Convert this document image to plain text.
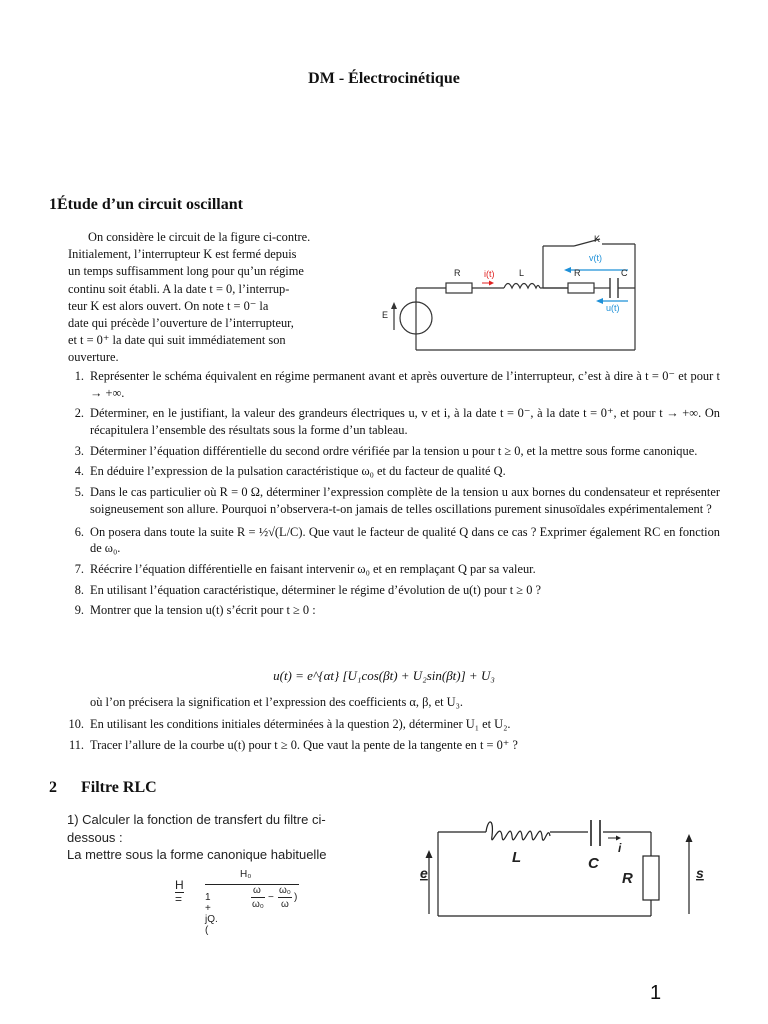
DM - Électrocinétique
1Étude d’un circuit oscillant
On considère le circuit de la figure ci-contre.
Initialement, l’interrupteur K est fermé depuis
un temps suffisamment long pour qu’un régime
continu soit établi. A la date t = 0, l’interrup-
teur K est alors ouvert. On note t = 0⁻ la
date qui précède l’ouverture de l’interrupteur,
et t = 0⁺ la date qui suit immédiatement son
ouverture.
K
v(t)
i(t)
R	L	R	C
u(t)
E
1. Représenter le schéma équivalent en régime permanent avant et après ouverture de l’interrupteur, c’est à dire à t = 0⁻ et pour t → +∞.
2. Déterminer, en le justifiant, la valeur des grandeurs électriques u, v et i, à la date t = 0⁻, à la date t = 0⁺, et pour t → +∞. On récapitulera l’ensemble des résultats sous la forme d’un tableau.
3. Déterminer l’équation différentielle du second ordre vérifiée par la tension u pour t ≥ 0, et la mettre sous forme canonique.
4. En déduire l’expression de la pulsation caractéristique ω₀ et du facteur de qualité Q.
5. Dans le cas particulier où R = 0 Ω, déterminer l’expression complète de la tension u aux bornes du condensateur et représenter soigneusement son allure. Pourquoi n’observera-t-on jamais de telles oscillations purement sinusoïdales expérimentalement ?
6. On posera dans toute la suite R = ½√(L/C). Que vaut le facteur de qualité Q dans ce cas ? Exprimer également RC en fonction de ω₀.
7. Réécrire l’équation différentielle en faisant intervenir ω₀ et en remplaçant Q par sa valeur.
8. En utilisant l’équation caractéristique, déterminer le régime d’évolution de u(t) pour t ≥ 0 ?
9. Montrer que la tension u(t) s’écrit pour t ≥ 0 :
u(t) = e^{αt} [U₁cos(βt) + U₂sin(βt)] + U₃
où l’on précisera la signification et l’expression des coefficients α, β, et U₃.
10. En utilisant les conditions initiales déterminées à la question 2), déterminer U₁ et U₂.
11. Tracer l’allure de la courbe u(t) pour t ≥ 0. Que vaut la pente de la tangente en t = 0⁺ ?
2 Filtre RLC
1) Calculer la fonction de transfert du filtre ci-
dessous :
La mettre sous la forme canonique habituelle
H =
H₀
1 + jQ.(
ω
ω₀
−
ω₀
ω
)
e
L	C
i
R	s
1
